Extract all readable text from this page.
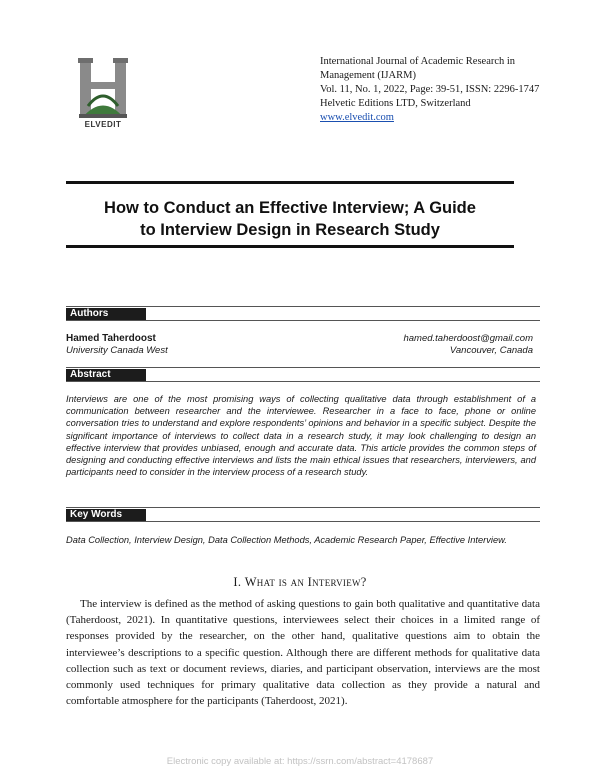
ELVEDIT
International Journal of Academic Research in Management (IJARM)
Vol. 11, No. 1, 2022, Page: 39-51, ISSN: 2296-1747
Helvetic Editions LTD, Switzerland
www.elvedit.com
How to Conduct an Effective Interview; A Guide
to Interview Design in Research Study
Authors
Hamed Taherdoost
University Canada West
hamed.taherdoost@gmail.com
Vancouver, Canada
Abstract
Interviews are one of the most promising ways of collecting qualitative data through establishment of a communication between researcher and the interviewee. Researcher in a face to face, phone or online conversation tries to understand and explore respondents’ opinions and behavior in a specific subject. Despite the significant importance of interviews to collect data in a research study, it may look challenging to design an effective interview that provides unbiased, enough and accurate data. This article provides the common steps of designing and conducting effective interviews and lists the main ethical issues that researchers, interviewers, and participants need to consider in the interview process of a research study.
Key Words
Data Collection, Interview Design, Data Collection Methods, Academic Research Paper, Effective Interview.
I. What is an Interview?
The interview is defined as the method of asking questions to gain both qualitative and quantitative data (Taherdoost, 2021). In quantitative questions, interviewees select their choices in a limited range of responses provided by the researcher, on the other hand, qualitative questions aim to obtain the interviewee’s descriptions to a specific question. Although there are different methods for qualitative data collection such as text or document reviews, diaries, and participant observation, interviews are the most commonly used techniques for primary qualitative data collection as they provide a natural and comfortable atmosphere for the participants (Taherdoost, 2021).
Electronic copy available at: https://ssrn.com/abstract=4178687
